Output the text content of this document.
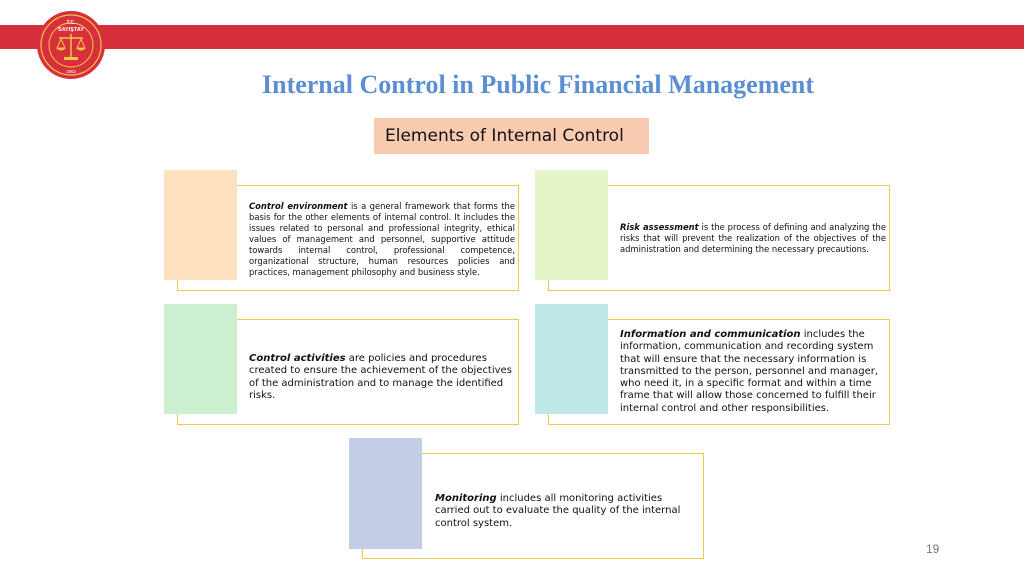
T.C.
SAYIŞTAY
1862	Internal Control in Public Financial Management
Elements of Internal Control
Control environment is a general framework that forms the basis for the other elements of internal control. It includes the issues related to personal and professional integrity, ethical values of management and personnel, supportive attitude towards internal control, professional competence, organizational structure, human resources policies and practices, management philosophy and business style.
Risk assessment is the process of defining and analyzing the risks that will prevent the realization of the objectives of the administration and determining the necessary precautions.
Control activities are policies and procedures created to ensure the achievement of the objectives of the administration and to manage the identified risks.
Information and communication includes the information, communication and recording system that will ensure that the necessary information is transmitted to the person, personnel and manager, who need it, in a specific format and within a time frame that will allow those concerned to fulfill their internal control and other responsibilities.
Monitoring includes all monitoring activities carried out to evaluate the quality of the internal control system.
19
